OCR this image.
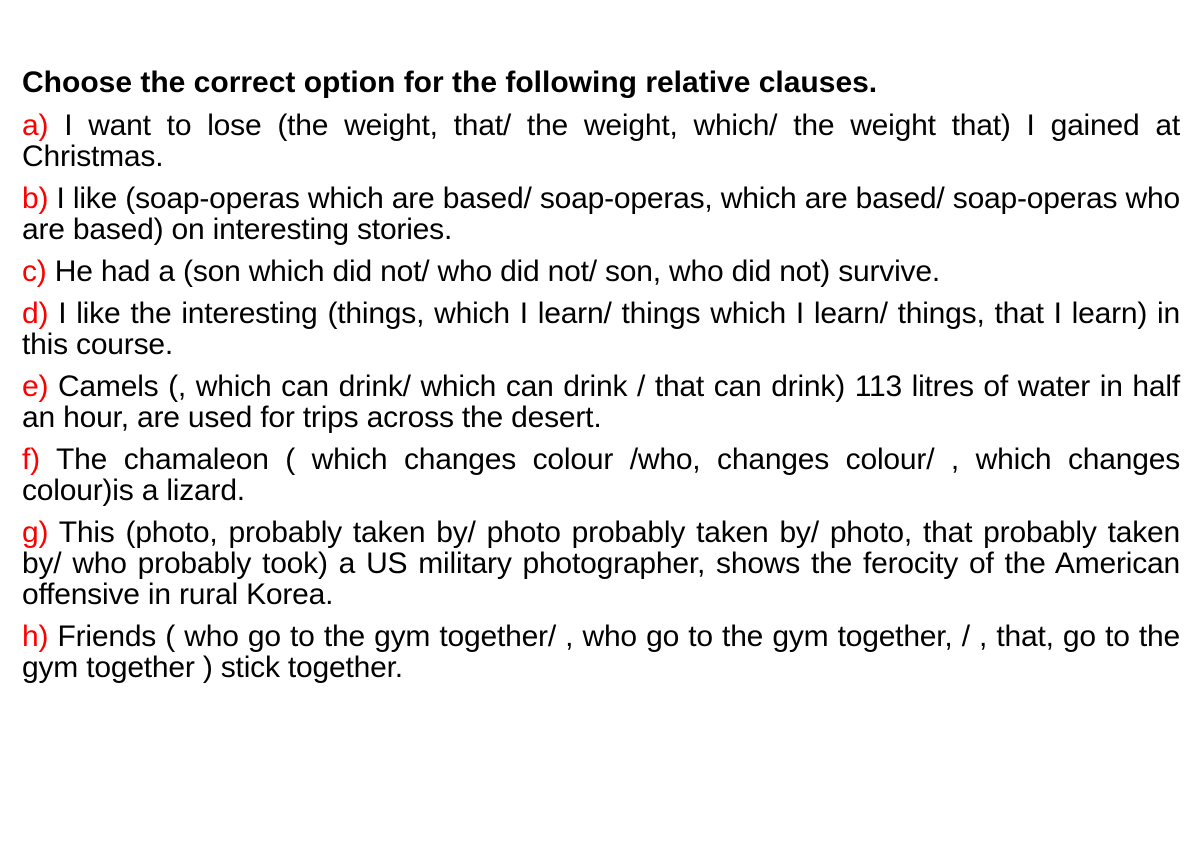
Choose the correct option for the following relative clauses.
a) I want to lose (the weight, that/ the weight, which/ the weight that) I gained at Christmas.
b) I like (soap-operas which are based/ soap-operas, which are based/ soap-operas who are based) on interesting stories.
c) He had a (son which did not/ who did not/ son, who did not) survive.
d) I like the interesting (things, which I learn/ things which I learn/ things, that I learn) in this course.
e) Camels (, which can drink/ which can drink / that can drink) 113 litres of water in half an hour, are used for trips across the desert.
f) The chamaleon ( which changes colour /who, changes colour/ , which changes colour)is a lizard.
g) This (photo, probably taken by/ photo probably taken by/ photo, that probably taken by/ who probably took) a US military photographer, shows the ferocity of the American offensive in rural Korea.
h) Friends ( who go to the gym together/ , who go to the gym together, / , that, go to the gym together ) stick together.
